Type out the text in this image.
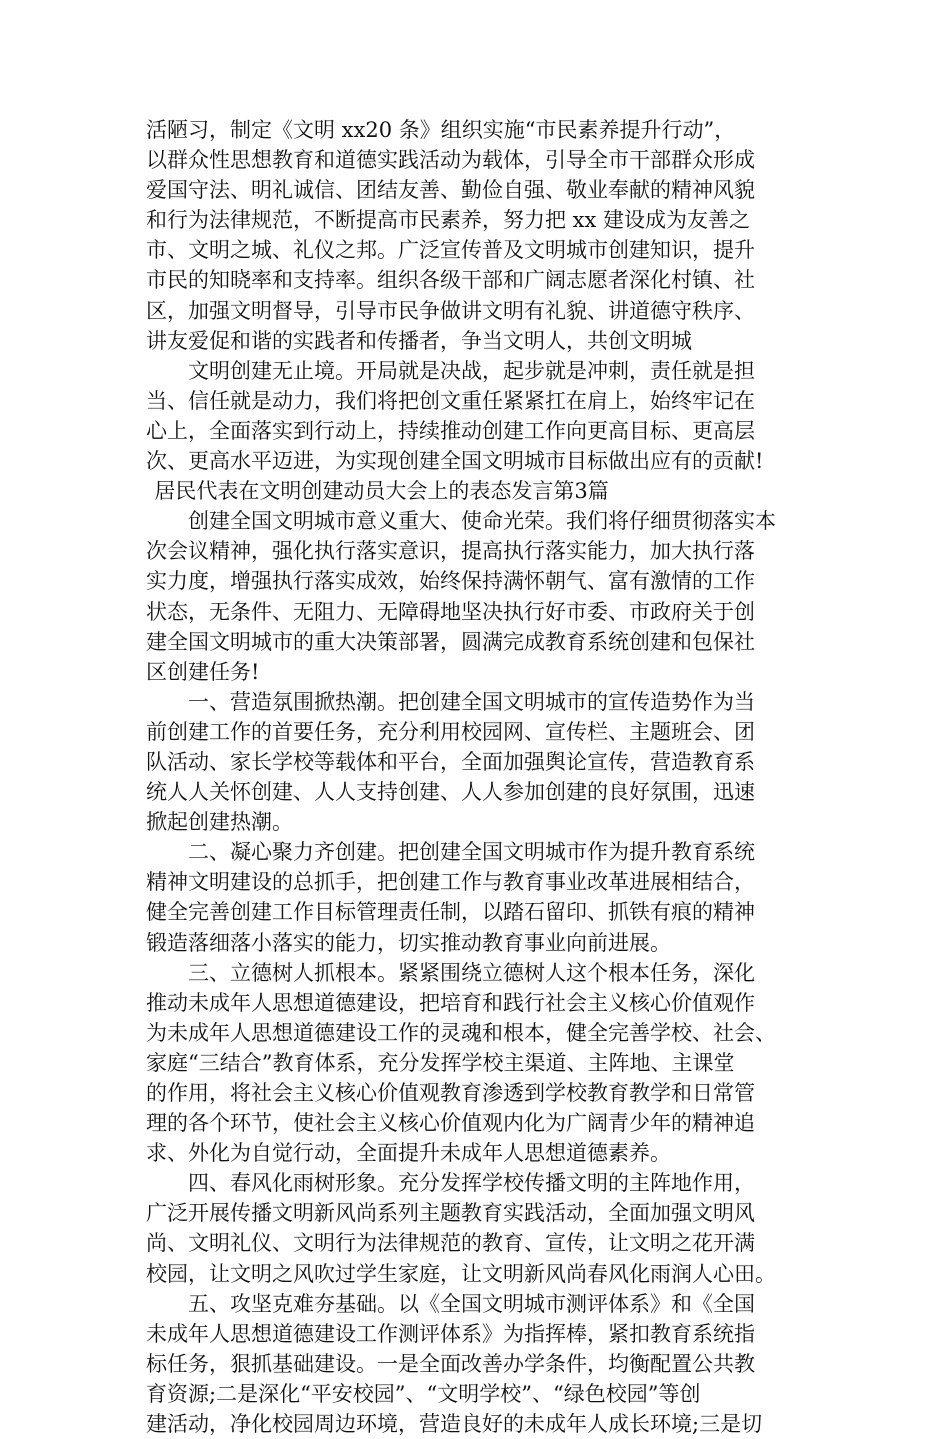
活陋习，制定《文明 xx20 条》组织实施“市民素养提升行动”，
以群众性思想教育和道德实践活动为载体，引导全市干部群众形成
爱国守法、明礼诚信、团结友善、勤俭自强、敬业奉献的精神风貌
和行为法律规范，不断提高市民素养，努力把 xx 建设成为友善之
市、文明之城、礼仪之邦。广泛宣传普及文明城市创建知识，提升
市民的知晓率和支持率。组织各级干部和广阔志愿者深化村镇、社
区，加强文明督导，引导市民争做讲文明有礼貌、讲道德守秩序、
讲友爱促和谐的实践者和传播者，争当文明人，共创文明城

　　文明创建无止境。开局就是决战，起步就是冲刺，责任就是担
当、信任就是动力，我们将把创文重任紧紧扛在肩上，始终牢记在
心上，全面落实到行动上，持续推动创建工作向更高目标、更高层
次、更高水平迈进，为实现创建全国文明城市目标做出应有的贡献!

居民代表在文明创建动员大会上的表态发言第3篇

　　创建全国文明城市意义重大、使命光荣。我们将仔细贯彻落实本
次会议精神，强化执行落实意识，提高执行落实能力，加大执行落
实力度，增强执行落实成效，始终保持满怀朝气、富有激情的工作
状态，无条件、无阻力、无障碍地坚决执行好市委、市政府关于创
建全国文明城市的重大决策部署，圆满完成教育系统创建和包保社
区创建任务!

　　一、营造氛围掀热潮。把创建全国文明城市的宣传造势作为当
前创建工作的首要任务，充分利用校园网、宣传栏、主题班会、团
队活动、家长学校等载体和平台，全面加强舆论宣传，营造教育系
统人人关怀创建、人人支持创建、人人参加创建的良好氛围，迅速
掀起创建热潮。

　　二、凝心聚力齐创建。把创建全国文明城市作为提升教育系统
精神文明建设的总抓手，把创建工作与教育事业改革进展相结合，
健全完善创建工作目标管理责任制，以踏石留印、抓铁有痕的精神
锻造落细落小落实的能力，切实推动教育事业向前进展。

　　三、立德树人抓根本。紧紧围绕立德树人这个根本任务，深化
推动未成年人思想道德建设，把培育和践行社会主义核心价值观作
为未成年人思想道德建设工作的灵魂和根本，健全完善学校、社会、
家庭“三结合”教育体系，充分发挥学校主渠道、主阵地、主课堂
的作用，将社会主义核心价值观教育渗透到学校教育教学和日常管
理的各个环节，使社会主义核心价值观内化为广阔青少年的精神追
求、外化为自觉行动，全面提升未成年人思想道德素养。

　　四、春风化雨树形象。充分发挥学校传播文明的主阵地作用，
广泛开展传播文明新风尚系列主题教育实践活动，全面加强文明风
尚、文明礼仪、文明行为法律规范的教育、宣传，让文明之花开满
校园，让文明之风吹过学生家庭，让文明新风尚春风化雨润人心田。

　　五、攻坚克难夯基础。以《全国文明城市测评体系》和《全国
未成年人思想道德建设工作测评体系》为指挥棒，紧扣教育系统指
标任务，狠抓基础建设。一是全面改善办学条件，均衡配置公共教
育资源;二是深化“平安校园”、“文明学校”、“绿色校园”等创
建活动，净化校园周边环境，营造良好的未成年人成长环境;三是切
